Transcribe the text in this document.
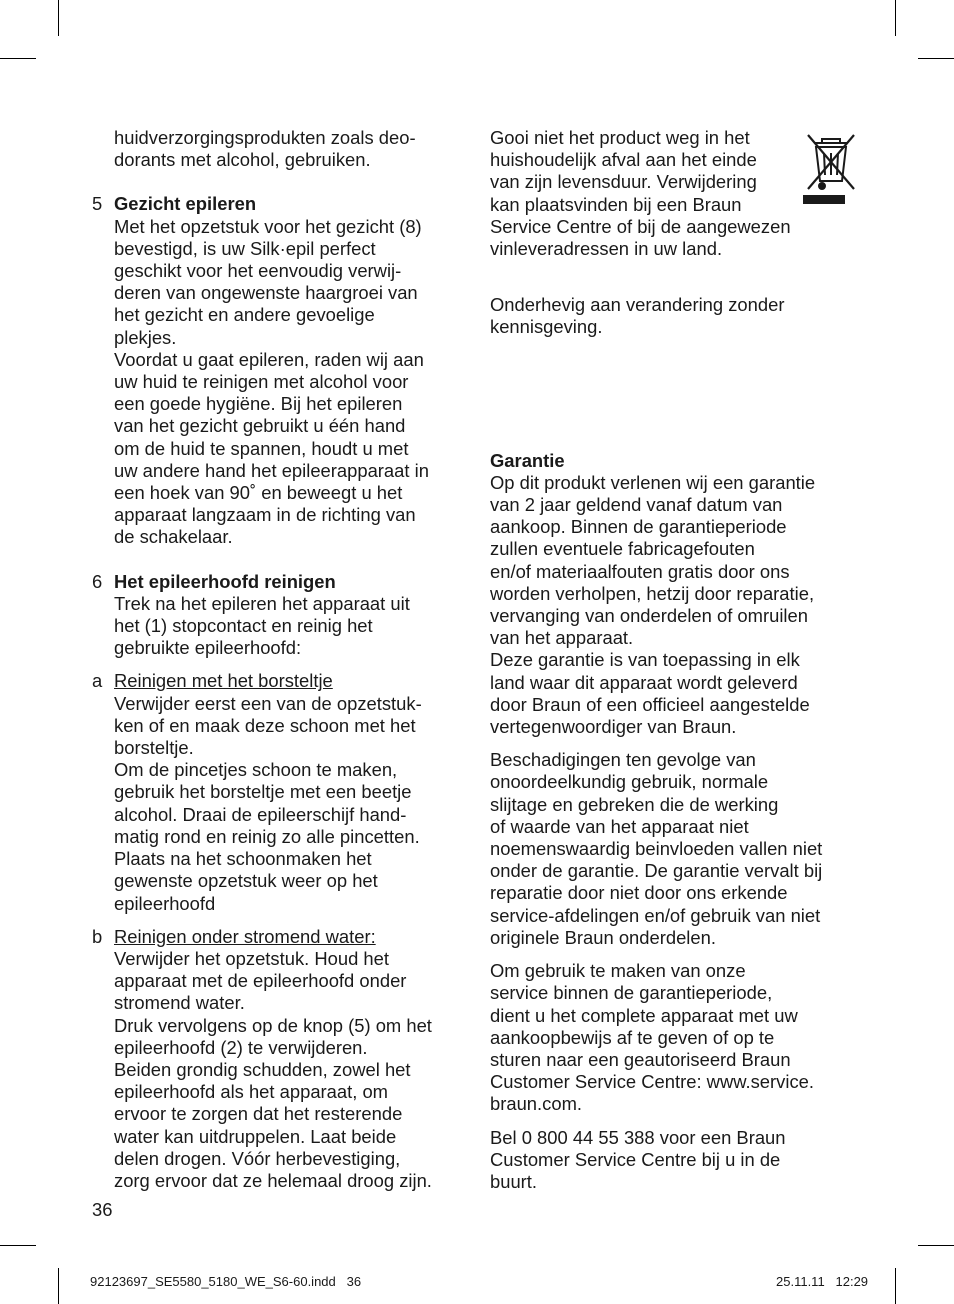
huidverzorgingsprodukten zoals deo-
dorants met alcohol, gebruiken.
5 Gezicht epileren
Met het opzetstuk voor het gezicht (8)
bevestigd, is uw Silk·epil perfect
geschikt voor het eenvoudig verwij-
deren van ongewenste haargroei van
het gezicht en andere gevoelige
plekjes.
Voordat u gaat epileren, raden wij aan
uw huid te reinigen met alcohol voor
een goede hygiëne. Bij het epileren
van het gezicht gebruikt u één hand
om de huid te spannen, houdt u met
uw andere hand het epileerapparaat in
een hoek van 90˚ en beweegt u het
apparaat langzaam in de richting van
de schakelaar.
6 Het epileerhoofd reinigen
Trek na het epileren het apparaat uit
het (1) stopcontact en reinig het
gebruikte epileerhoofd:
a Reinigen met het borsteltje
Verwijder eerst een van de opzetstuk-
ken of en maak deze schoon met het
borsteltje.
Om de pincetjes schoon te maken,
gebruik het borsteltje met een beetje
alcohol. Draai de epileerschijf hand-
matig rond en reinig zo alle pincetten.
Plaats na het schoonmaken het
gewenste opzetstuk weer op het
epileerhoofd
b Reinigen onder stromend water:
Verwijder het opzetstuk. Houd het
apparaat met de epileerhoofd onder
stromend water.
Druk vervolgens op de knop (5) om het
epileerhoofd (2) te verwijderen.
Beiden grondig schudden, zowel het
epileerhoofd als het apparaat, om
ervoor te zorgen dat het resterende
water kan uitdruppelen. Laat beide
delen drogen. Vóór herbevestiging,
zorg ervoor dat ze helemaal droog zijn.
Gooi niet het product weg in het
huishoudelijk afval aan het einde
van zijn levensduur. Verwijdering
kan plaatsvinden bij een Braun
Service Centre of bij de aangewezen
vinleveradressen in uw land.
Onderhevig aan verandering zonder
kennisgeving.
Garantie
Op dit produkt verlenen wij een garantie
van 2 jaar geldend vanaf datum van
aankoop. Binnen de garantieperiode
zullen eventuele fabricagefouten
en/of materiaalfouten gratis door ons
worden verholpen, hetzij door reparatie,
vervanging van onderdelen of omruilen
van het apparaat.
Deze garantie is van toepassing in elk
land waar dit apparaat wordt geleverd
door Braun of een officieel aangestelde
vertegenwoordiger van Braun.
Beschadigingen ten gevolge van
onoordeelkundig gebruik, normale
slijtage en gebreken die de werking
of waarde van het apparaat niet
noemenswaardig beinvloeden vallen niet
onder de garantie. De garantie vervalt bij
reparatie door niet door ons erkende
service-afdelingen en/of gebruik van niet
originele Braun onderdelen.
Om gebruik te maken van onze
service binnen de garantieperiode,
dient u het complete apparaat met uw
aankoopbewijs af te geven of op te
sturen naar een geautoriseerd Braun
Customer Service Centre: www.service.
braun.com.
Bel 0 800 44 55 388 voor een Braun
Customer Service Centre bij u in de
buurt.
36
92123697_SE5580_5180_WE_S6-60.indd   36	25.11.11   12:29
